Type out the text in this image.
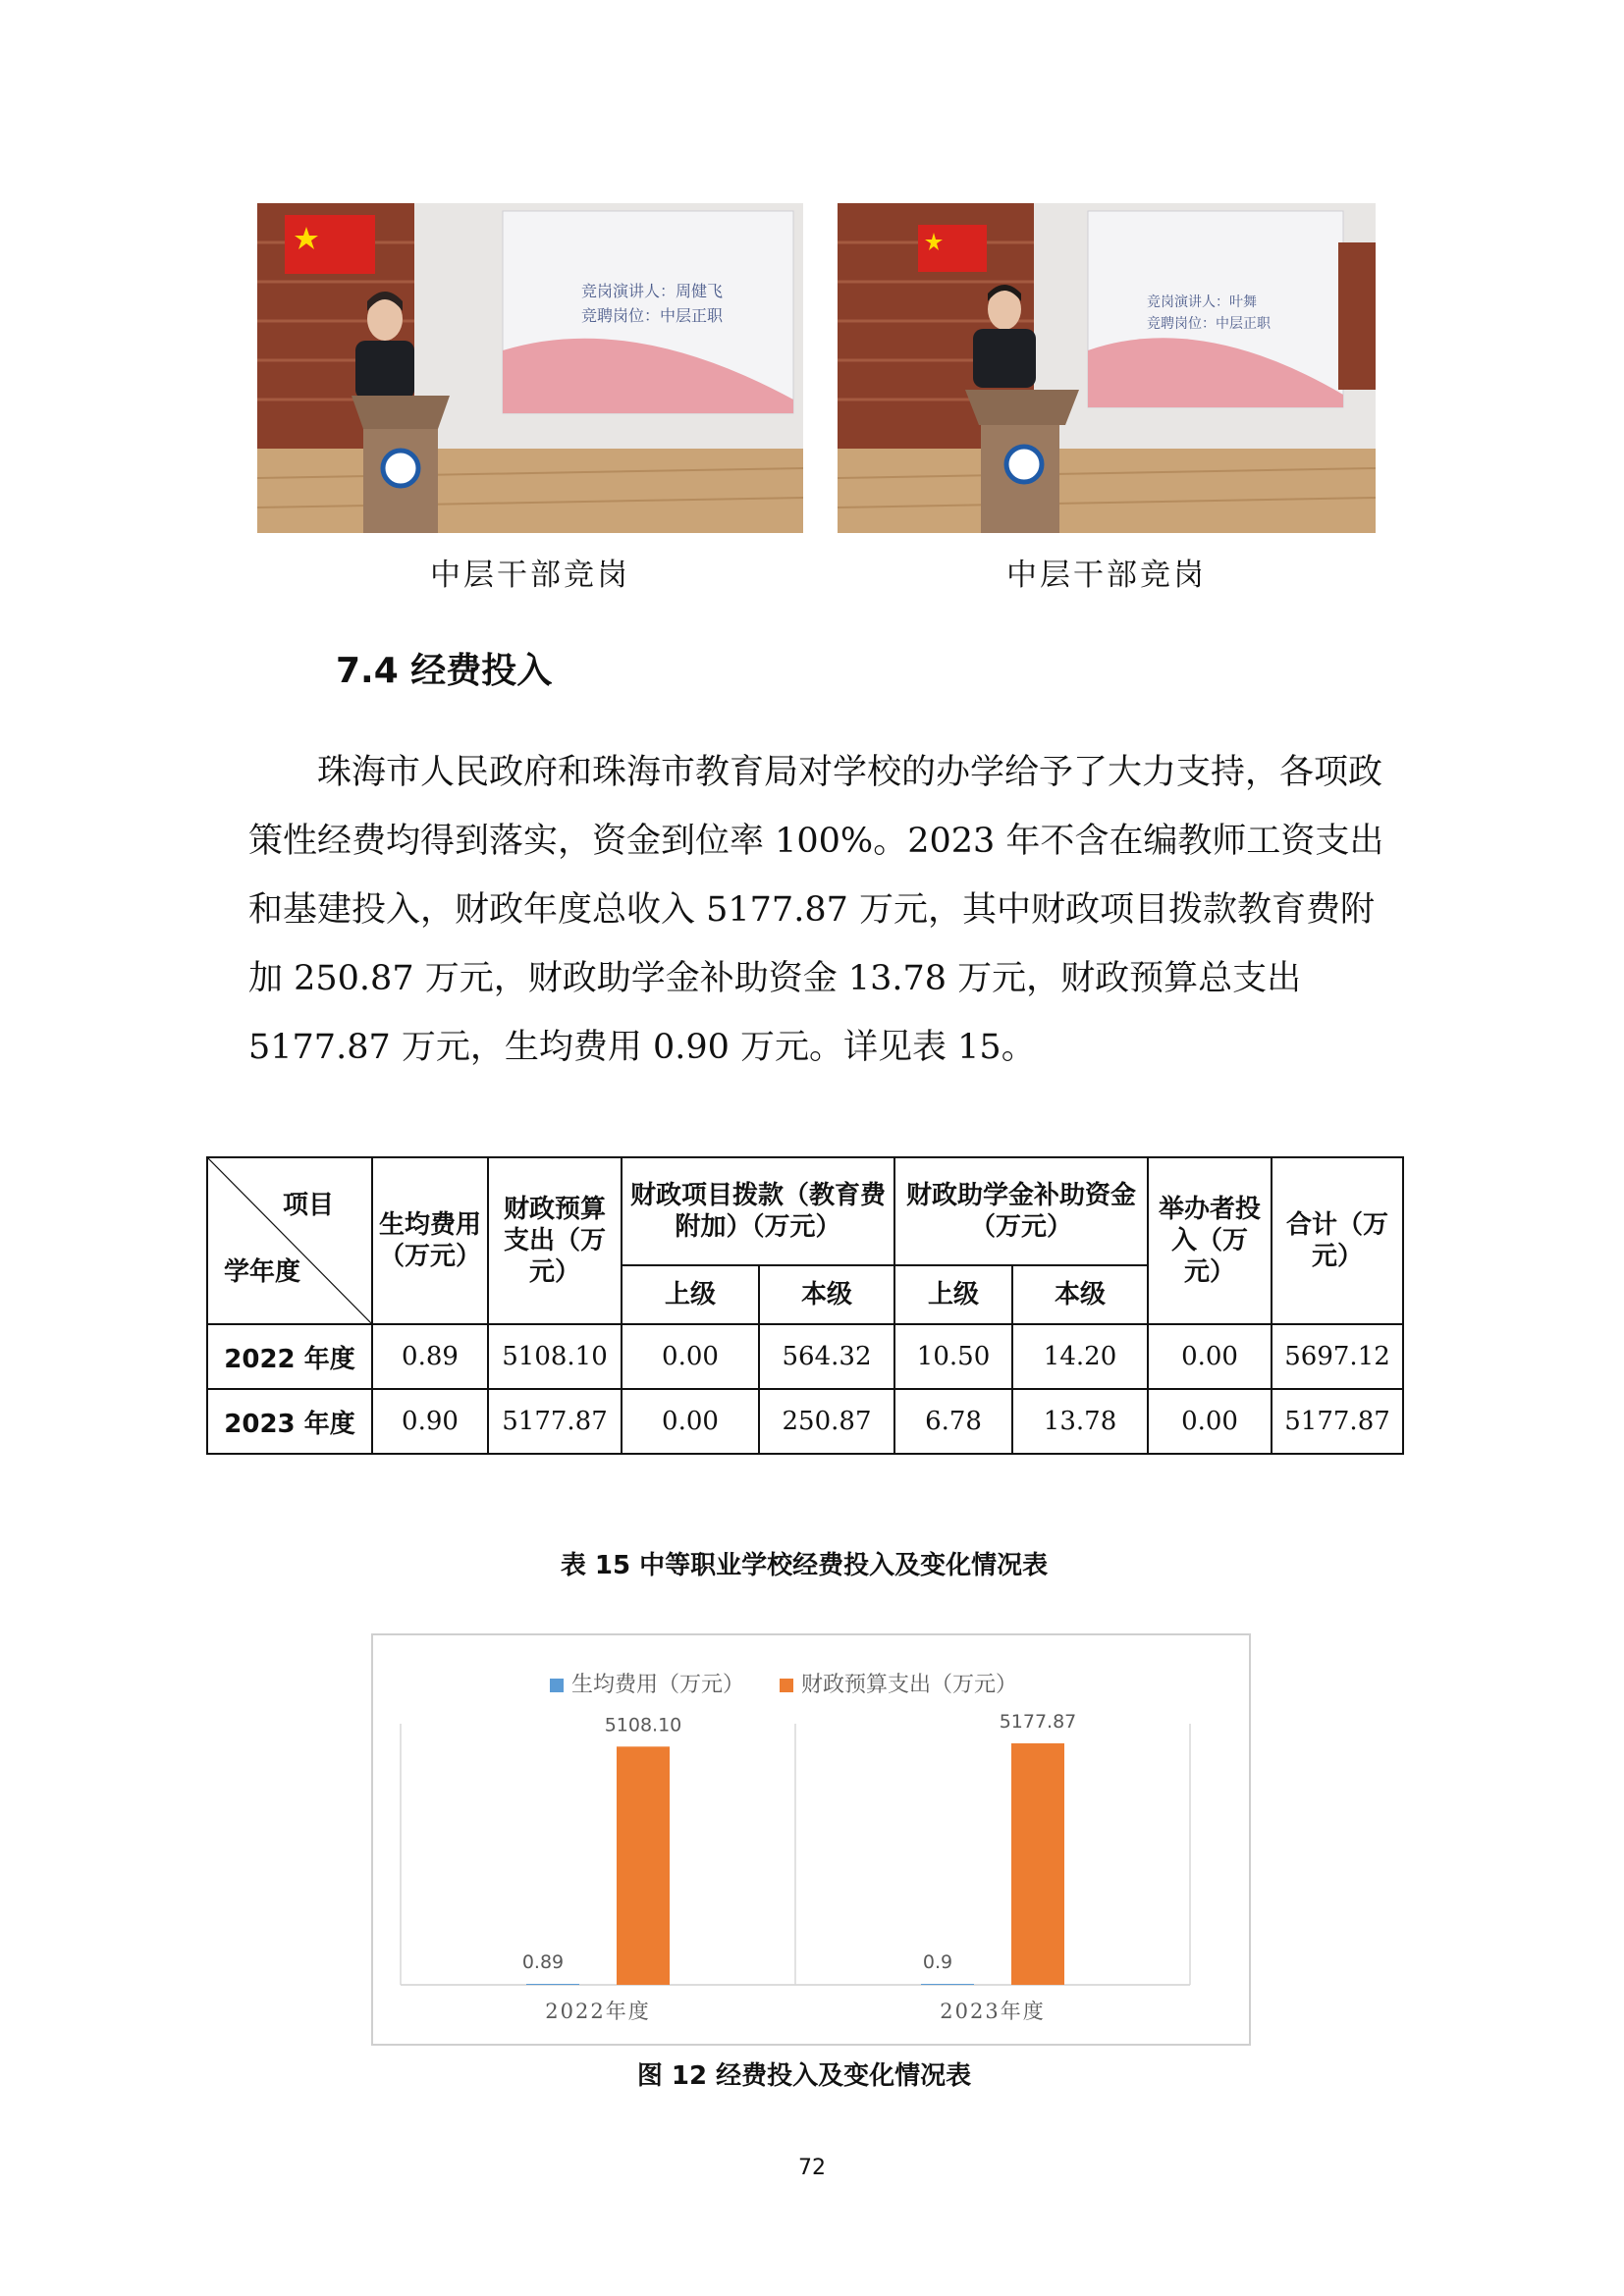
竞岗演讲人：周健飞
竞聘岗位：中层正职
竞岗演讲人：叶舞
竞聘岗位：中层正职
中层干部竞岗	中层干部竞岗
7.4 经费投入

珠海市人民政府和珠海市教育局对学校的办学给予了大力支持，各项政策性经费均得到落实，资金到位率 100%。2023 年不含在编教师工资支出和基建投入，财政年度总收入 5177.87 万元，其中财政项目拨款教育费附加 250.87 万元，财政助学金补助资金 13.78 万元，财政预算总支出 5177.87 万元，生均费用 0.90 万元。详见表 15。

项目
学年度	生均费用（万元）	财政预算支出（万元）	财政项目拨款（教育费附加）（万元）		财政助学金补助资金（万元）		举办者投入（万元）	合计（万元）
			上级	本级	上级	本级		
2022 年度	0.89	5108.10	0.00	564.32	10.50	14.20	0.00	5697.12
2023 年度	0.90	5177.87	0.00	250.87	6.78	13.78	0.00	5177.87
表 15 中等职业学校经费投入及变化情况表
生均费用（万元）	财政预算支出（万元）
0.89
5108.10
2022年度
0.9
5177.87
2023年度
图 12 经费投入及变化情况表
72
